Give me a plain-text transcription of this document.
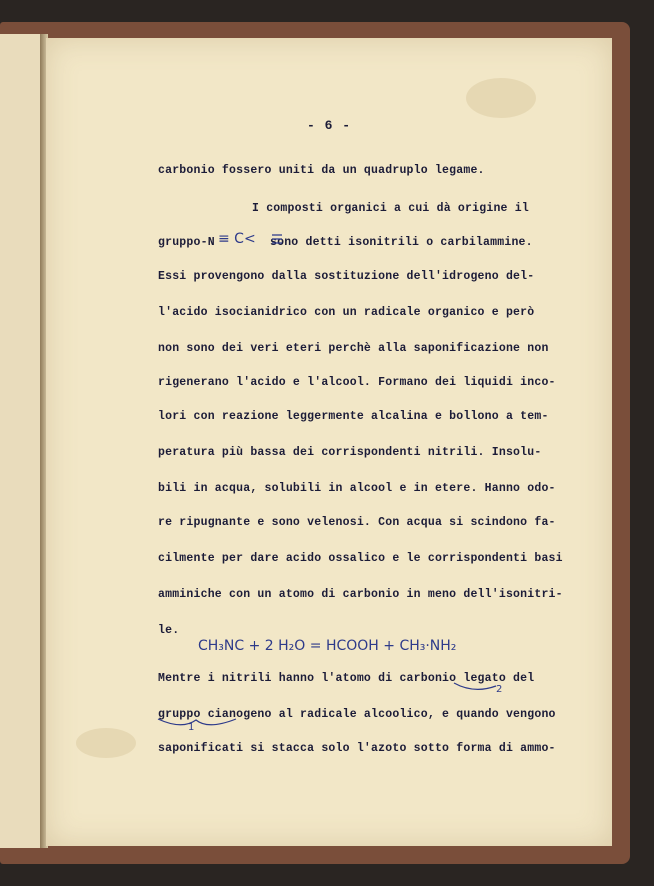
- 6 -
carbonio fossero uniti da un quadruplo legame.
I composti organici a cui dà origine il
gruppo-N ≡ C< sono detti isonitrili o carbilammine.
Essi provengono dalla sostituzione dell'idrogeno del-
l'acido isocianidrico con un radicale organico e però
non sono dei veri eteri perchè alla saponificazione non
rigenerano l'acido e l'alcool. Formano dei liquidi inco-
lori con reazione leggermente alcalina e bollono a tem-
peratura più bassa dei corrispondenti nitrili. Insolu-
bili in acqua, solubili in alcool e in etere. Hanno odo-
re ripugnante e sono velenosi. Con acqua si scindono fa-
cilmente per dare acido ossalico e le corrispondenti basi
amminiche con un atomo di carbonio in meno dell'isonitri-
le.
CH₃NC + 2 H₂O = HCOOH + CH₃·NH₂
Mentre i nitrili hanno l'atomo di carbonio legato del
2
gruppo cianogeno al radicale alcoolico, e quando vengono
1
saponificati si stacca solo l'azoto sotto forma di ammo-
